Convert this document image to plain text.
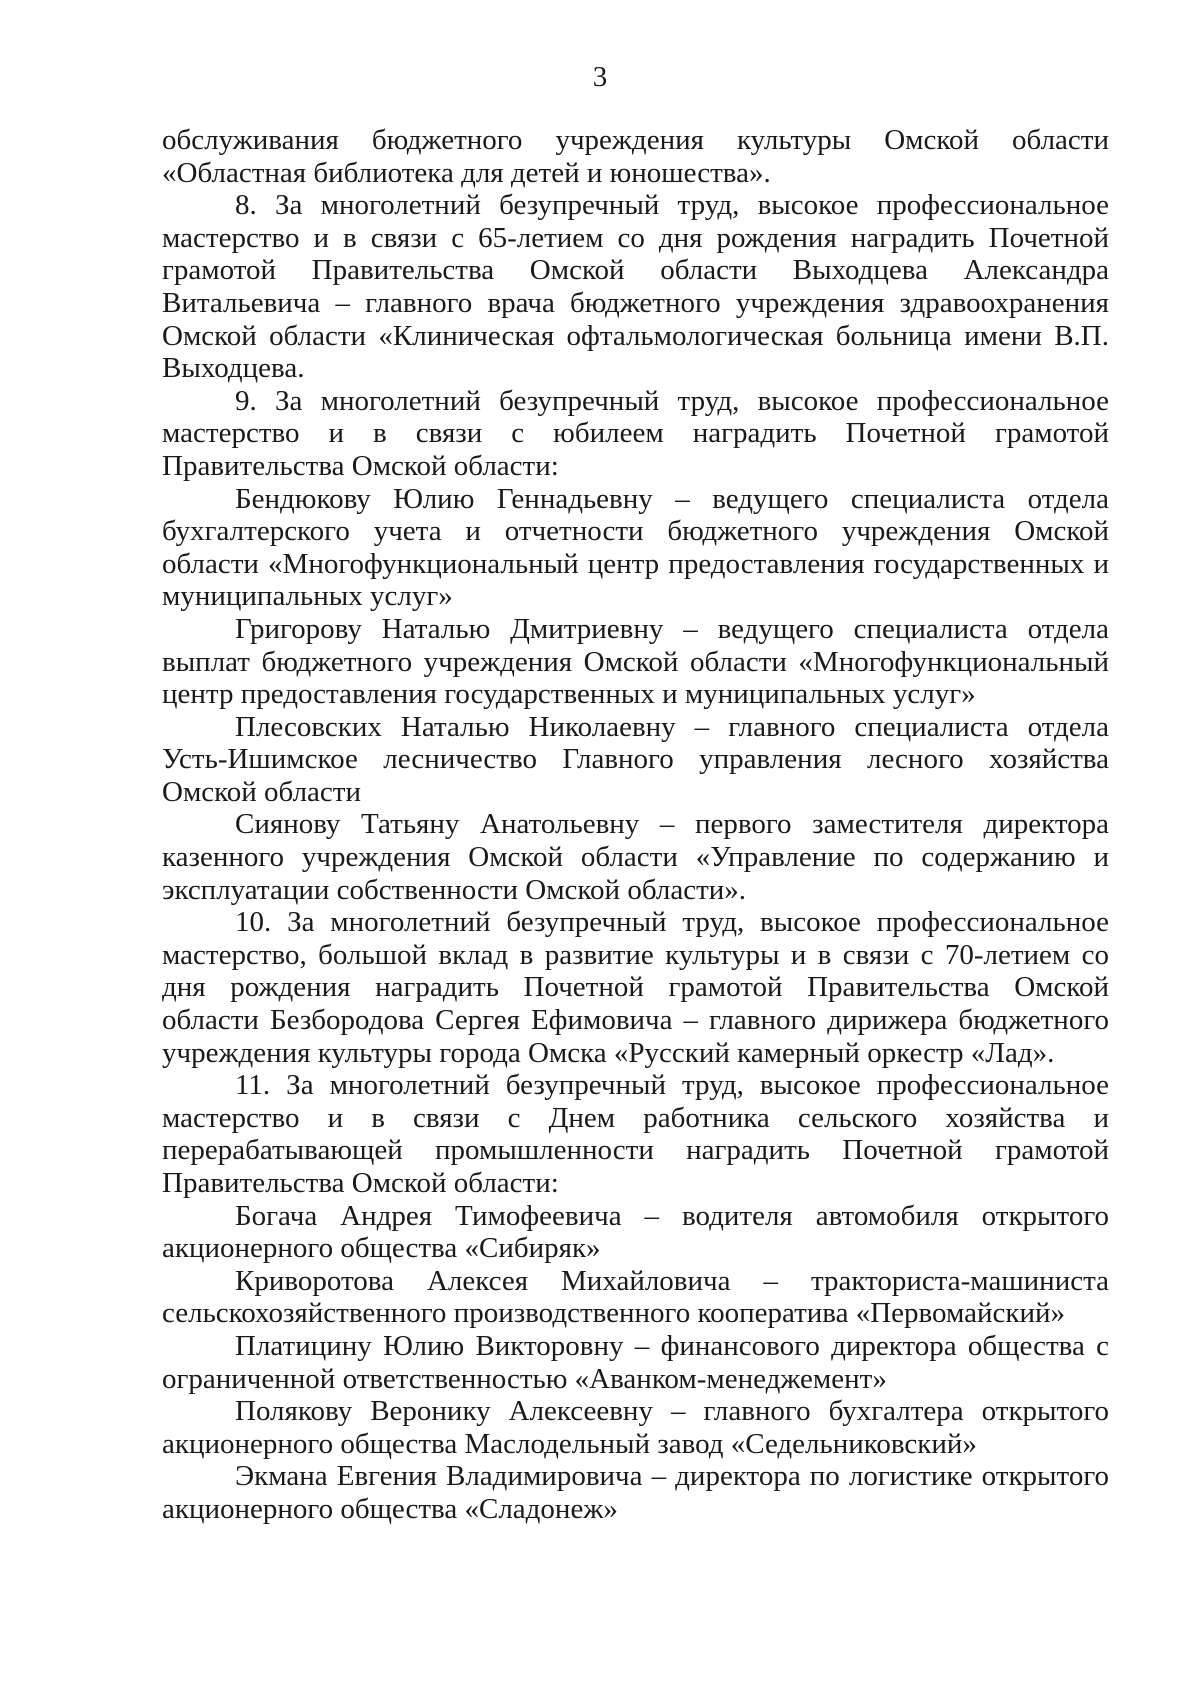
3

обслуживания бюджетного учреждения культуры Омской области «Областная библиотека для детей и юношества».

8. За многолетний безупречный труд, высокое профессиональное мастерство и в связи с 65-летием со дня рождения наградить Почетной грамотой Правительства Омской области Выходцева Александра Витальевича – главного врача бюджетного учреждения здравоохранения Омской области «Клиническая офтальмологическая больница имени В.П. Выходцева.

9. За многолетний безупречный труд, высокое профессиональное мастерство и в связи с юбилеем наградить Почетной грамотой Правительства Омской области:

Бендюкову Юлию Геннадьевну – ведущего специалиста отдела бухгалтерского учета и отчетности бюджетного учреждения Омской области «Многофункциональный центр предоставления государственных и муниципальных услуг»

Григорову Наталью Дмитриевну – ведущего специалиста отдела выплат бюджетного учреждения Омской области «Многофункциональный центр предоставления государственных и муниципальных услуг»

Плесовских Наталью Николаевну – главного специалиста отдела Усть-Ишимское лесничество Главного управления лесного хозяйства Омской области

Сиянову Татьяну Анатольевну – первого заместителя директора казенного учреждения Омской области «Управление по содержанию и эксплуатации собственности Омской области».

10. За многолетний безупречный труд, высокое профессиональное мастерство, большой вклад в развитие культуры и в связи с 70-летием со дня рождения наградить Почетной грамотой Правительства Омской области Безбородова Сергея Ефимовича – главного дирижера бюджетного учреждения культуры города Омска «Русский камерный оркестр «Лад».

11. За многолетний безупречный труд, высокое профессиональное мастерство и в связи с Днем работника сельского хозяйства и перерабатывающей промышленности наградить Почетной грамотой Правительства Омской области:

Богача Андрея Тимофеевича – водителя автомобиля открытого акционерного общества «Сибиряк»

Криворотова Алексея Михайловича – тракториста-машиниста сельскохозяйственного производственного кооператива «Первомайский»

Платицину Юлию Викторовну – финансового директора общества с ограниченной ответственностью «Аванком-менеджемент»

Полякову Веронику Алексеевну – главного бухгалтера открытого акционерного общества Маслодельный завод «Седельниковский»

Экмана Евгения Владимировича – директора по логистике открытого акционерного общества «Сладонеж»
